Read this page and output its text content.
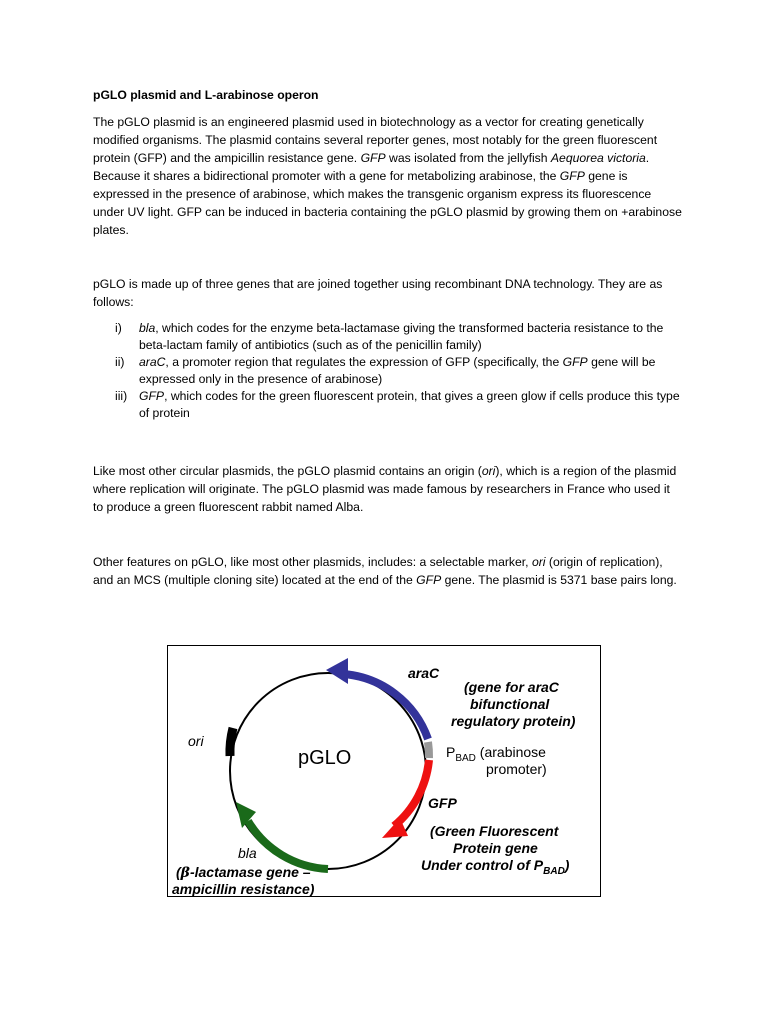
pGLO plasmid and L-arabinose operon

The pGLO plasmid is an engineered plasmid used in biotechnology as a vector for creating genetically modified organisms. The plasmid contains several reporter genes, most notably for the green fluorescent protein (GFP) and the ampicillin resistance gene. GFP was isolated from the jellyfish Aequorea victoria. Because it shares a bidirectional promoter with a gene for metabolizing arabinose, the GFP gene is expressed in the presence of arabinose, which makes the transgenic organism express its fluorescence under UV light. GFP can be induced in bacteria containing the pGLO plasmid by growing them on +arabinose plates.

pGLO is made up of three genes that are joined together using recombinant DNA technology. They are as follows:

i) bla, which codes for the enzyme beta-lactamase giving the transformed bacteria resistance to the beta-lactam family of antibiotics (such as of the penicillin family)
ii) araC, a promoter region that regulates the expression of GFP (specifically, the GFP gene will be expressed only in the presence of arabinose)
iii) GFP, which codes for the green fluorescent protein, that gives a green glow if cells produce this type of protein

Like most other circular plasmids, the pGLO plasmid contains an origin (ori), which is a region of the plasmid where replication will originate. The pGLO plasmid was made famous by researchers in France who used it to produce a green fluorescent rabbit named Alba.

Other features on pGLO, like most other plasmids, includes: a selectable marker, ori (origin of replication), and an MCS (multiple cloning site) located at the end of the GFP gene. The plasmid is 5371 base pairs long.

pGLO
ori
araC
(gene for araC
bifunctional
regulatory protein)
$P_{BAD}$ (arabinose
promoter)
GFP
(Green Fluorescent
Protein gene
Under control of $P_{BAD}$)
bla
(β-lactamase gene –
ampicillin resistance)
